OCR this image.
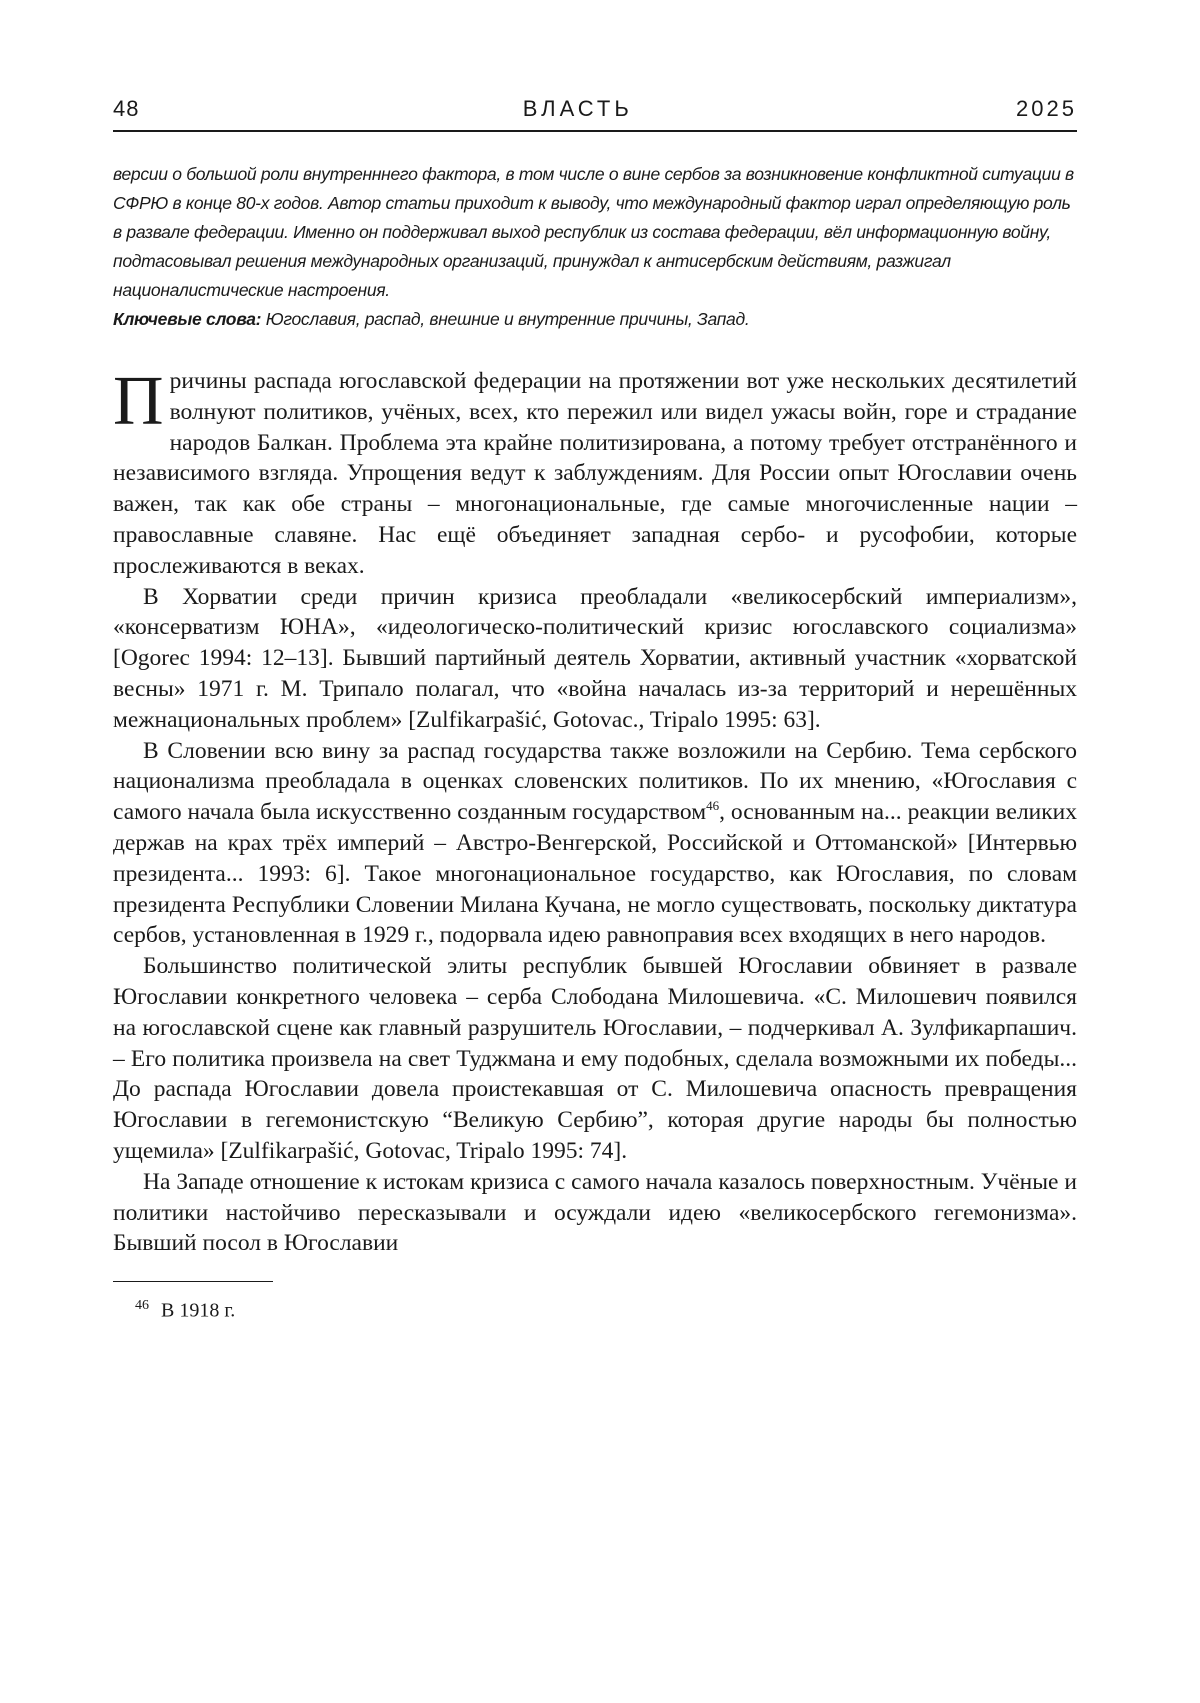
48	ВЛАСТЬ	2025

версии о большой роли внутренннего фактора, в том числе о вине сербов за возникновение конфликтной ситуации в СФРЮ в конце 80-х годов. Автор статьи приходит к выводу, что международный фактор играл определяющую роль в развале федерации. Именно он поддерживал выход республик из состава федерации, вёл информационную войну, подтасовывал решения международных организаций, принуждал к антисербским действиям, разжигал националистические настроения.

Ключевые слова: Югославия, распад, внешние и внутренние причины, Запад.

Причины распада югославской федерации на протяжении вот уже нескольких десятилетий волнуют политиков, учёных, всех, кто пережил или видел ужасы войн, горе и страдание народов Балкан. Проблема эта крайне политизирована, а потому требует отстранённого и независимого взгляда. Упрощения ведут к заблуждениям. Для России опыт Югославии очень важен, так как обе страны – многонациональные, где самые многочисленные нации – православные славяне. Нас ещё объединяет западная сербо- и русофобии, которые прослеживаются в веках.

В Хорватии среди причин кризиса преобладали «великосербский империализм», «консерватизм ЮНА», «идеологическо-политический кризис югославского социализма» [Ogorec 1994: 12–13]. Бывший партийный деятель Хорватии, активный участник «хорватской весны» 1971 г. М. Трипало полагал, что «война началась из-за территорий и нерешённых межнациональных проблем» [Zulfikarpašić, Gotovac., Tripalo 1995: 63].

В Словении всю вину за распад государства также возложили на Сербию. Тема сербского национализма преобладала в оценках словенских политиков. По их мнению, «Югославия с самого начала была искусственно созданным государством$^{46}$, основанным на... реакции великих держав на крах трёх империй – Австро-Венгерской, Российской и Оттоманской» [Интервью президента... 1993: 6]. Такое многонациональное государство, как Югославия, по словам президента Республики Словении Милана Кучана, не могло существовать, поскольку диктатура сербов, установленная в 1929 г., подорвала идею равноправия всех входящих в него народов.

Большинство политической элиты республик бывшей Югославии обвиняет в развале Югославии конкретного человека – серба Слободана Милошевича. «С. Милошевич появился на югославской сцене как главный разрушитель Югославии, – подчеркивал А. Зулфикарпашич. – Его политика произвела на свет Туджмана и ему подобных, сделала возможными их победы... До распада Югославии довела проистекавшая от С. Милошевича опасность превращения Югославии в гегемонистскую “Великую Сербию”, которая другие народы бы полностью ущемила» [Zulfikarpašić, Gotovac, Tripalo 1995: 74].

На Западе отношение к истокам кризиса с самого начала казалось поверхностным. Учёные и политики настойчиво пересказывали и осуждали идею «великосербского гегемонизма». Бывший посол в Югославии

$^{46}$ В 1918 г.
